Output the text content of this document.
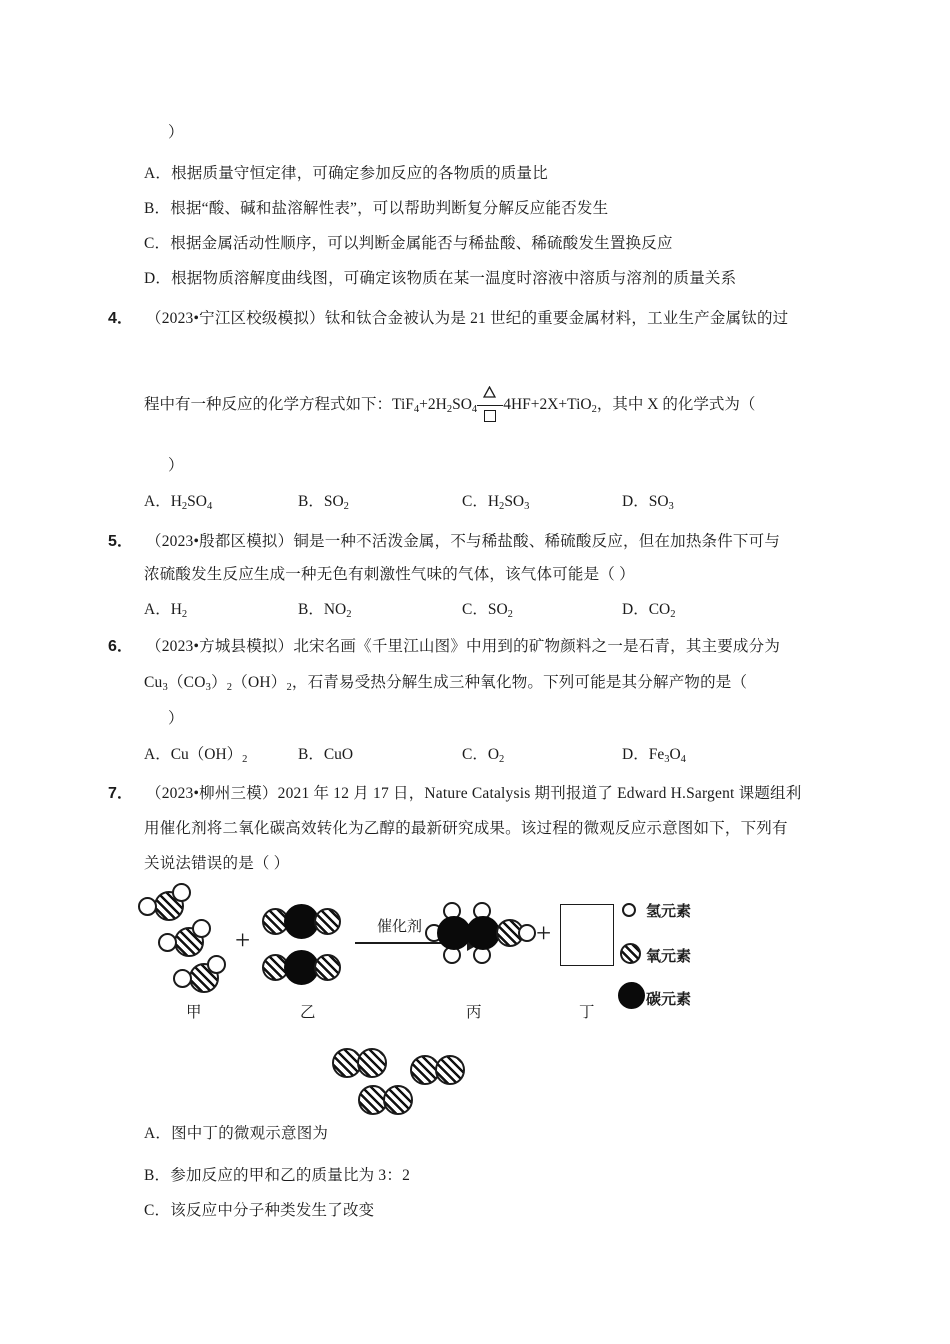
）
A．根据质量守恒定律，可确定参加反应的各物质的质量比
B．根据“酸、碱和盐溶解性表”，可以帮助判断复分解反应能否发生
C．根据金属活动性顺序，可以判断金属能否与稀盐酸、稀硫酸发生置换反应
D．根据物质溶解度曲线图，可确定该物质在某一温度时溶液中溶质与溶剂的质量关系
4． （2023•宁江区校级模拟）钛和钛合金被认为是 21 世纪的重要金属材料，工业生产金属钛的过
程中有一种反应的化学方程式如下：$TiF_4+2H_2SO_4$ 4HF+2X+TiO$_2$，其中 X 的化学式为（
）
A．$H_2SO_4$	B．$SO_2$	C．$H_2SO_3$	D．$SO_3$
5． （2023•殷都区模拟）铜是一种不活泼金属，不与稀盐酸、稀硫酸反应，但在加热条件下可与
浓硫酸发生反应生成一种无色有刺激性气味的气体，该气体可能是（ ）
A．$H_2$	B．$NO_2$	C．$SO_2$	D．$CO_2$
6． （2023•方城县模拟）北宋名画《千里江山图》中用到的矿物颜料之一是石青，其主要成分为
$Cu_3(CO_3)_2(OH)_2$，石青易受热分解生成三种氧化物。下列可能是其分解产物的是（
）
A．$Cu(OH)_2$	B．CuO	C．$O_2$	D．$Fe_3O_4$
7． （2023•柳州三模）2021 年 12 月 17 日，Nature Catalysis 期刊报道了 Edward H.Sargent 课题组利
用催化剂将二氧化碳高效转化为乙醇的最新研究成果。该过程的微观反应示意图如下，下列有
关说法错误的是（ ）
甲
+
乙
催化剂
丙
+
丁
氢元素
氧元素
碳元素
A．图中丁的微观示意图为
B．参加反应的甲和乙的质量比为 3：2
C．该反应中分子种类发生了改变
